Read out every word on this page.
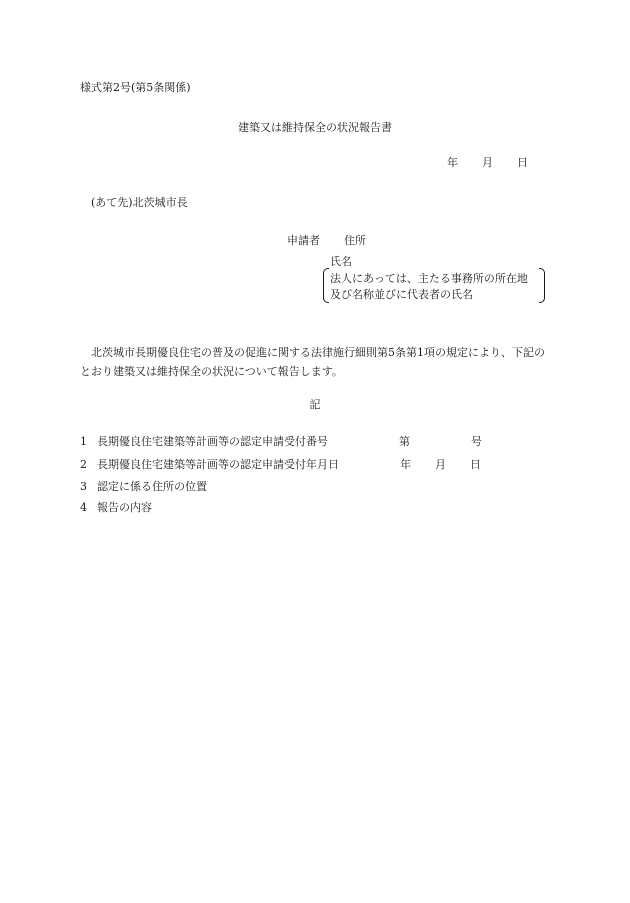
様式第2号(第5条関係)
建築又は維持保全の状況報告書
年 月 日
(あて先)北茨城市長
申請者 住所
氏名
法人にあっては、主たる事務所の所在地
及び名称並びに代表者の氏名
北茨城市長期優良住宅の普及の促進に関する法律施行細則第5条第1項の規定により、下記のとおり建築又は維持保全の状況について報告します。
記
1 長期優良住宅建築等計画等の認定申請受付番号	第	号
2 長期優良住宅建築等計画等の認定申請受付年月日	年 月 日
3 認定に係る住所の位置
4 報告の内容
